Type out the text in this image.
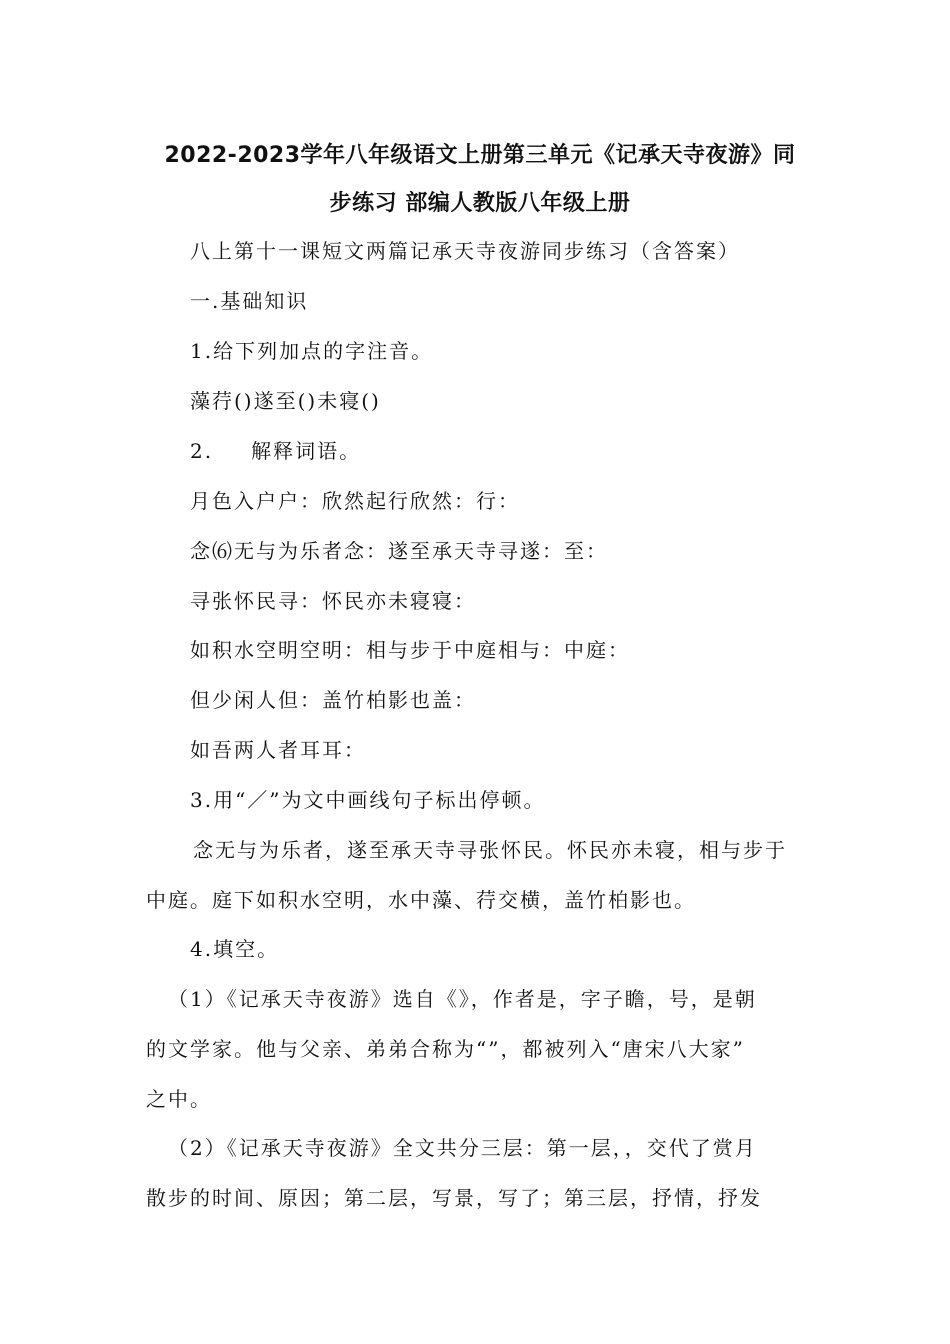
2022-2023学年八年级语文上册第三单元《记承天寺夜游》同
步练习 部编人教版八年级上册
八上第十一课短文两篇记承天寺夜游同步练习（含答案）
一.基础知识
1.给下列加点的字注音。
藻荇()遂至()未寝()
2. 解释词语。
月色入户户：欣然起行欣然：行：
念⑹无与为乐者念：遂至承天寺寻遂：至：
寻张怀民寻：怀民亦未寝寝：
如积水空明空明：相与步于中庭相与：中庭：
但少闲人但：盖竹柏影也盖：
如吾两人者耳耳：
3.用“／”为文中画线句子标出停顿。
念无与为乐者，遂至承天寺寻张怀民。怀民亦未寝，相与步于
中庭。庭下如积水空明，水中藻、荇交横，盖竹柏影也。
4.填空。
（1）《记承天寺夜游》选自《》，作者是，字子瞻，号，是朝
的文学家。他与父亲、弟弟合称为“”，都被列入“唐宋八大家”
之中。
（2）《记承天寺夜游》全文共分三层：第一层，，交代了赏月
散步的时间、原因；第二层，写景，写了；第三层，抒情，抒发
